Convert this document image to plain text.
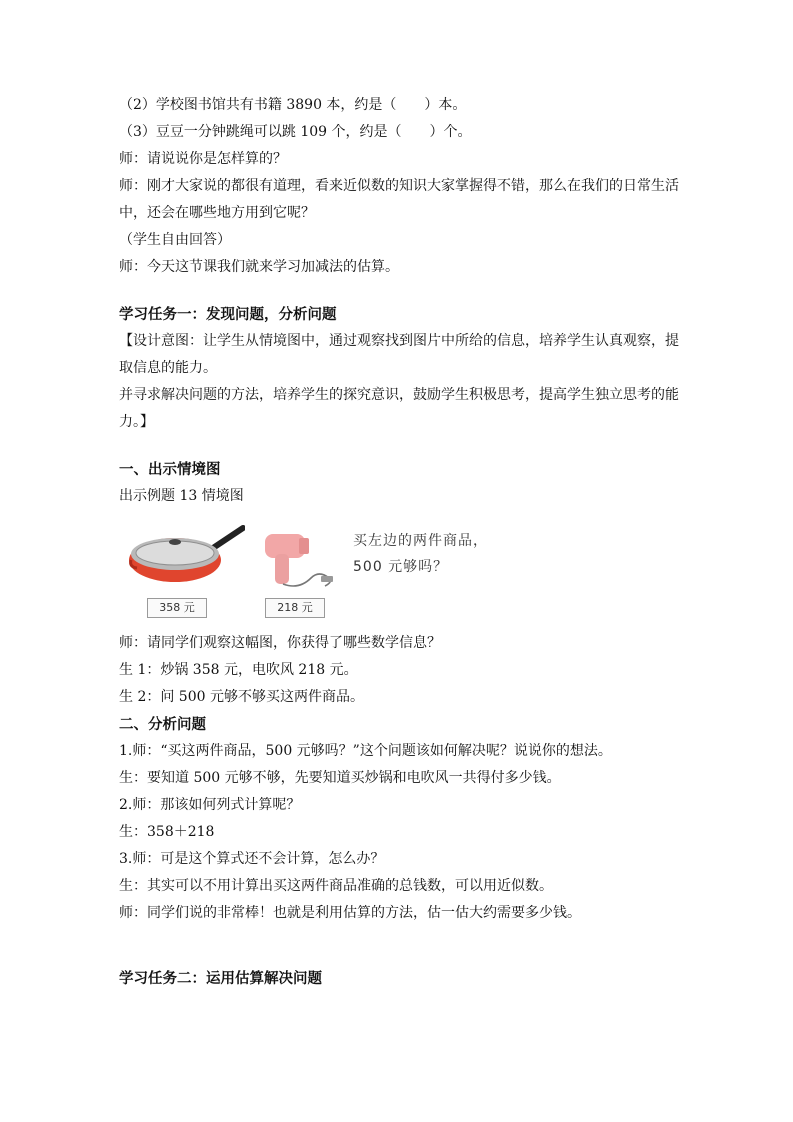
（2）学校图书馆共有书籍 3890 本，约是（　　）本。
（3）豆豆一分钟跳绳可以跳 109 个，约是（　　）个。
师：请说说你是怎样算的？
师：刚才大家说的都很有道理，看来近似数的知识大家掌握得不错，那么在我们的日常生活
中，还会在哪些地方用到它呢？
（学生自由回答）
师：今天这节课我们就来学习加减法的估算。
学习任务一：发现问题，分析问题
【设计意图：让学生从情境图中，通过观察找到图片中所给的信息，培养学生认真观察，提
取信息的能力。
并寻求解决问题的方法，培养学生的探究意识，鼓励学生积极思考，提高学生独立思考的能
力。】
一、出示情境图
出示例题 13 情境图
358 元	218 元
买左边的两件商品，
500 元够吗？
师：请同学们观察这幅图，你获得了哪些数学信息？
生 1：炒锅 358 元，电吹风 218 元。
生 2：问 500 元够不够买这两件商品。
二、分析问题
1.师：“买这两件商品，500 元够吗？”这个问题该如何解决呢？说说你的想法。
生：要知道 500 元够不够，先要知道买炒锅和电吹风一共得付多少钱。
2.师：那该如何列式计算呢？
生：358＋218
3.师：可是这个算式还不会计算，怎么办？
生：其实可以不用计算出买这两件商品准确的总钱数，可以用近似数。
师：同学们说的非常棒！也就是利用估算的方法，估一估大约需要多少钱。
学习任务二：运用估算解决问题
